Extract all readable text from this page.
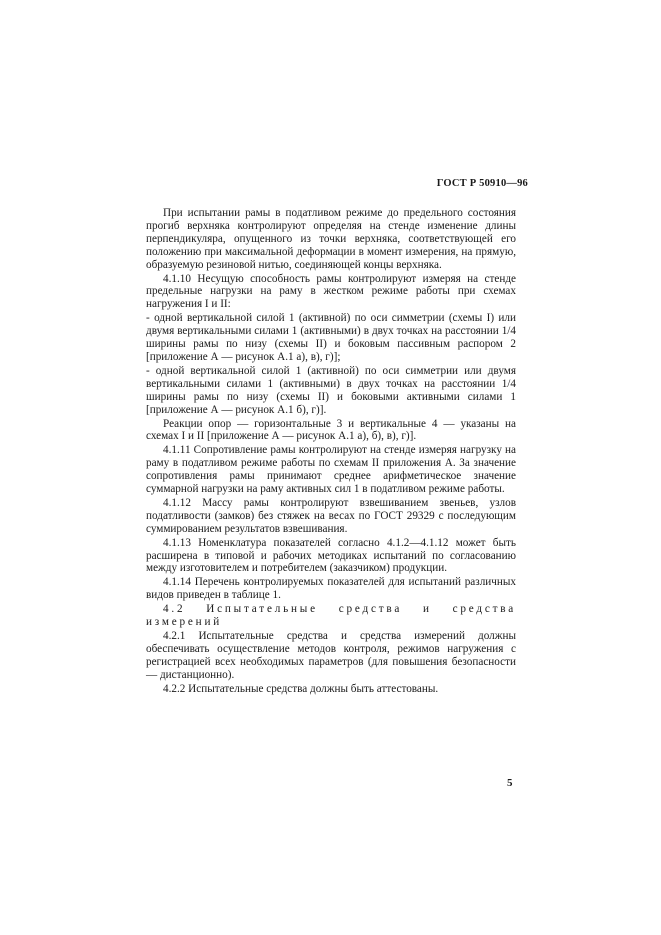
ГОСТ Р 50910—96

При испытании рамы в податливом режиме до предельного состояния прогиб верхняка контролируют определяя на стенде изменение длины перпендикуляра, опущенного из точки верхняка, соответствующей его положению при максимальной деформации в момент измерения, на прямую, образуемую резиновой нитью, соединяющей концы верхняка.

4.1.10 Несущую способность рамы контролируют измеряя на стенде предельные нагрузки на раму в жестком режиме работы при схемах нагружения I и II:

- одной вертикальной силой 1 (активной) по оси симметрии (схемы I) или двумя вертикальными силами 1 (активными) в двух точках на расстоянии 1/4 ширины рамы по низу (схемы II) и боковым пассивным распором 2 [приложение А — рисунок А.1 а), в), г)];

- одной вертикальной силой 1 (активной) по оси симметрии или двумя вертикальными силами 1 (активными) в двух точках на расстоянии 1/4 ширины рамы по низу (схемы II) и боковыми активными силами 1 [приложение А — рисунок А.1 б), г)].

Реакции опор — горизонтальные 3 и вертикальные 4 — указаны на схемах I и II [приложение А — рисунок А.1 а), б), в), г)].

4.1.11 Сопротивление рамы контролируют на стенде измеряя нагрузку на раму в податливом режиме работы по схемам II приложения А. За значение сопротивления рамы принимают среднее арифметическое значение суммарной нагрузки на раму активных сил 1 в податливом режиме работы.

4.1.12 Массу рамы контролируют взвешиванием звеньев, узлов податливости (замков) без стяжек на весах по ГОСТ 29329 с последующим суммированием результатов взвешивания.

4.1.13 Номенклатура показателей согласно 4.1.2—4.1.12 может быть расширена в типовой и рабочих методиках испытаний по согласованию между изготовителем и потребителем (заказчиком) продукции.

4.1.14 Перечень контролируемых показателей для испытаний различных видов приведен в таблице 1.

4.2 Испытательные средства и средства измерений

4.2.1 Испытательные средства и средства измерений должны обеспечивать осуществление методов контроля, режимов нагружения с регистрацией всех необходимых параметров (для повышения безопасности — дистанционно).

4.2.2 Испытательные средства должны быть аттестованы.

5
